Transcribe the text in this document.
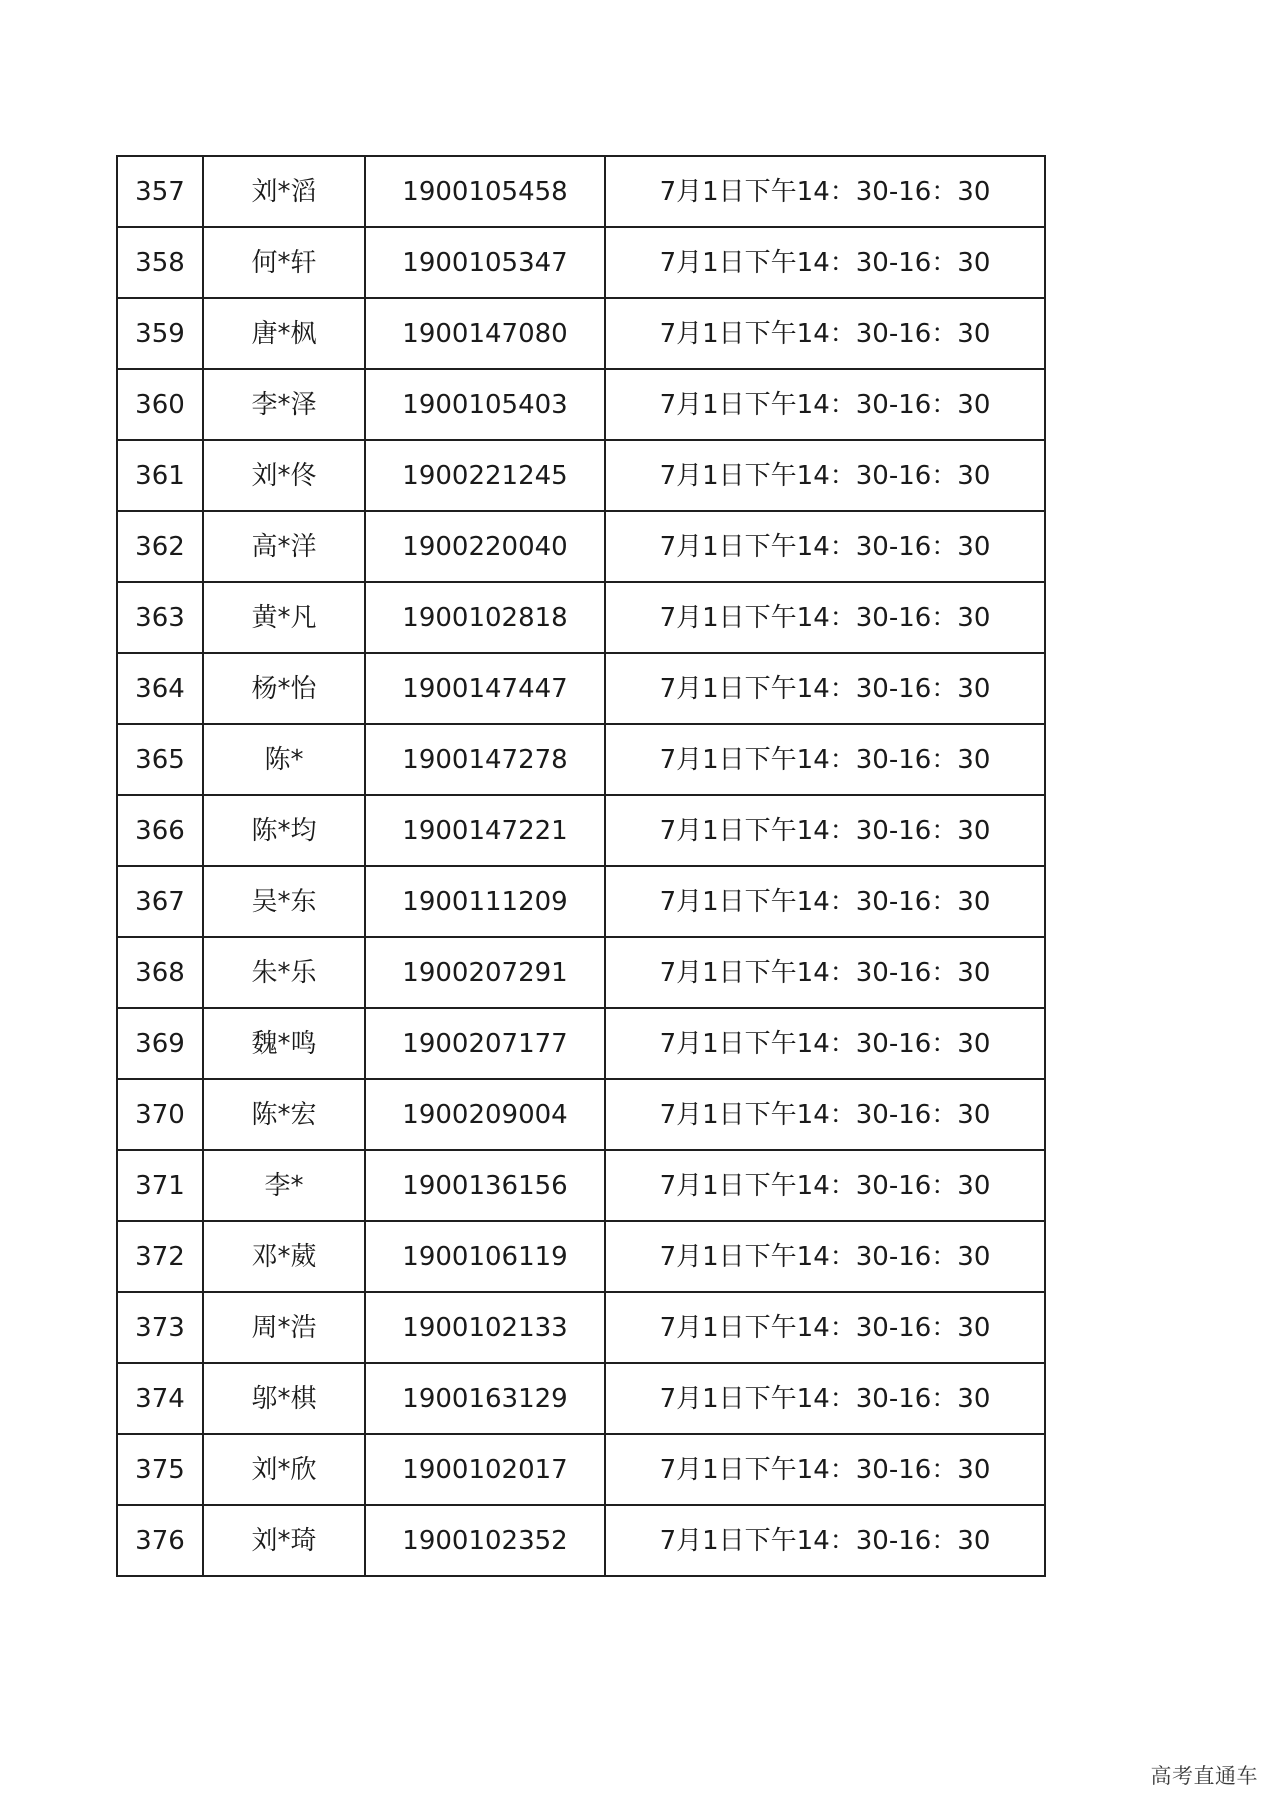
357	刘*滔	1900105458	7月1日下午14：30-16：30
358	何*轩	1900105347	7月1日下午14：30-16：30
359	唐*枫	1900147080	7月1日下午14：30-16：30
360	李*泽	1900105403	7月1日下午14：30-16：30
361	刘*佟	1900221245	7月1日下午14：30-16：30
362	高*洋	1900220040	7月1日下午14：30-16：30
363	黄*凡	1900102818	7月1日下午14：30-16：30
364	杨*怡	1900147447	7月1日下午14：30-16：30
365	陈*	1900147278	7月1日下午14：30-16：30
366	陈*均	1900147221	7月1日下午14：30-16：30
367	吴*东	1900111209	7月1日下午14：30-16：30
368	朱*乐	1900207291	7月1日下午14：30-16：30
369	魏*鸣	1900207177	7月1日下午14：30-16：30
370	陈*宏	1900209004	7月1日下午14：30-16：30
371	李*	1900136156	7月1日下午14：30-16：30
372	邓*葳	1900106119	7月1日下午14：30-16：30
373	周*浩	1900102133	7月1日下午14：30-16：30
374	邬*棋	1900163129	7月1日下午14：30-16：30
375	刘*欣	1900102017	7月1日下午14：30-16：30
376	刘*琦	1900102352	7月1日下午14：30-16：30
高考直通车
